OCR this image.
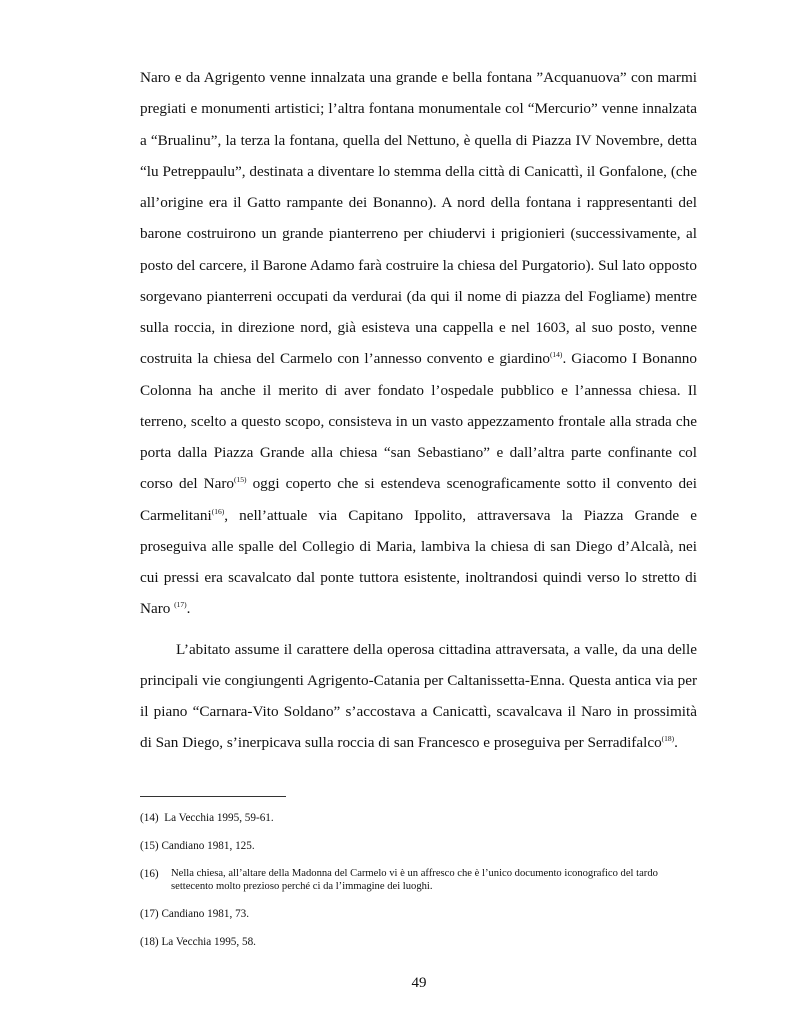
Naro e da Agrigento venne innalzata una grande e bella fontana ”Acquanuova” con marmi pregiati e monumenti artistici; l’altra fontana monumentale col “Mercurio” venne innalzata a “Brualinu”, la terza la fontana, quella del Nettuno, è quella di Piazza IV Novembre, detta “lu Petreppaulu”, destinata a diventare lo stemma della città di Canicattì, il Gonfalone, (che all’origine era il Gatto rampante dei Bonanno). A nord della fontana i rappresentanti del barone costruirono un grande pianterreno per chiudervi i prigionieri (successivamente, al posto del carcere, il Barone Adamo farà costruire la chiesa del Purgatorio). Sul lato opposto sorgevano pianterreni occupati da verdurai (da qui il nome di piazza del Fogliame) mentre sulla roccia, in direzione nord, già esisteva una cappella e nel 1603, al suo posto, venne costruita la chiesa del Carmelo con l’annesso convento e giardino$^{(14)}$. Giacomo I Bonanno Colonna ha anche il merito di aver fondato l’ospedale pubblico e l’annessa chiesa. Il terreno, scelto a questo scopo, consisteva in un vasto appezzamento frontale alla strada che porta dalla Piazza Grande alla chiesa “san Sebastiano” e dall’altra parte confinante col corso del Naro$^{(15)}$ oggi coperto che si estendeva scenograficamente sotto il convento dei Carmelitani$^{(16)}$, nell’attuale via Capitano Ippolito, attraversava la Piazza Grande e proseguiva alle spalle del Collegio di Maria, lambiva la chiesa di san Diego d’Alcalà, nei cui pressi era scavalcato dal ponte tuttora esistente, inoltrandosi quindi verso lo stretto di Naro $^{(17)}$.

L’abitato assume il carattere della operosa cittadina attraversata, a valle, da una delle principali vie congiungenti Agrigento-Catania per Caltanissetta-Enna. Questa antica via per il piano “Carnara-Vito Soldano” s’accostava a Canicattì, scavalcava il Naro in prossimità di San Diego, s’inerpicava sulla roccia di san Francesco e proseguiva per Serradifalco$^{(18)}$.

(14) La Vecchia 1995, 59-61.
(15) Candiano 1981, 125.
(16)	Nella chiesa, all’altare della Madonna del Carmelo vi è un affresco che è l’unico documento iconografico del tardo settecento molto prezioso perché ci da l’immagine dei luoghi.
(17) Candiano 1981, 73.
(18) La Vecchia 1995, 58.
49
